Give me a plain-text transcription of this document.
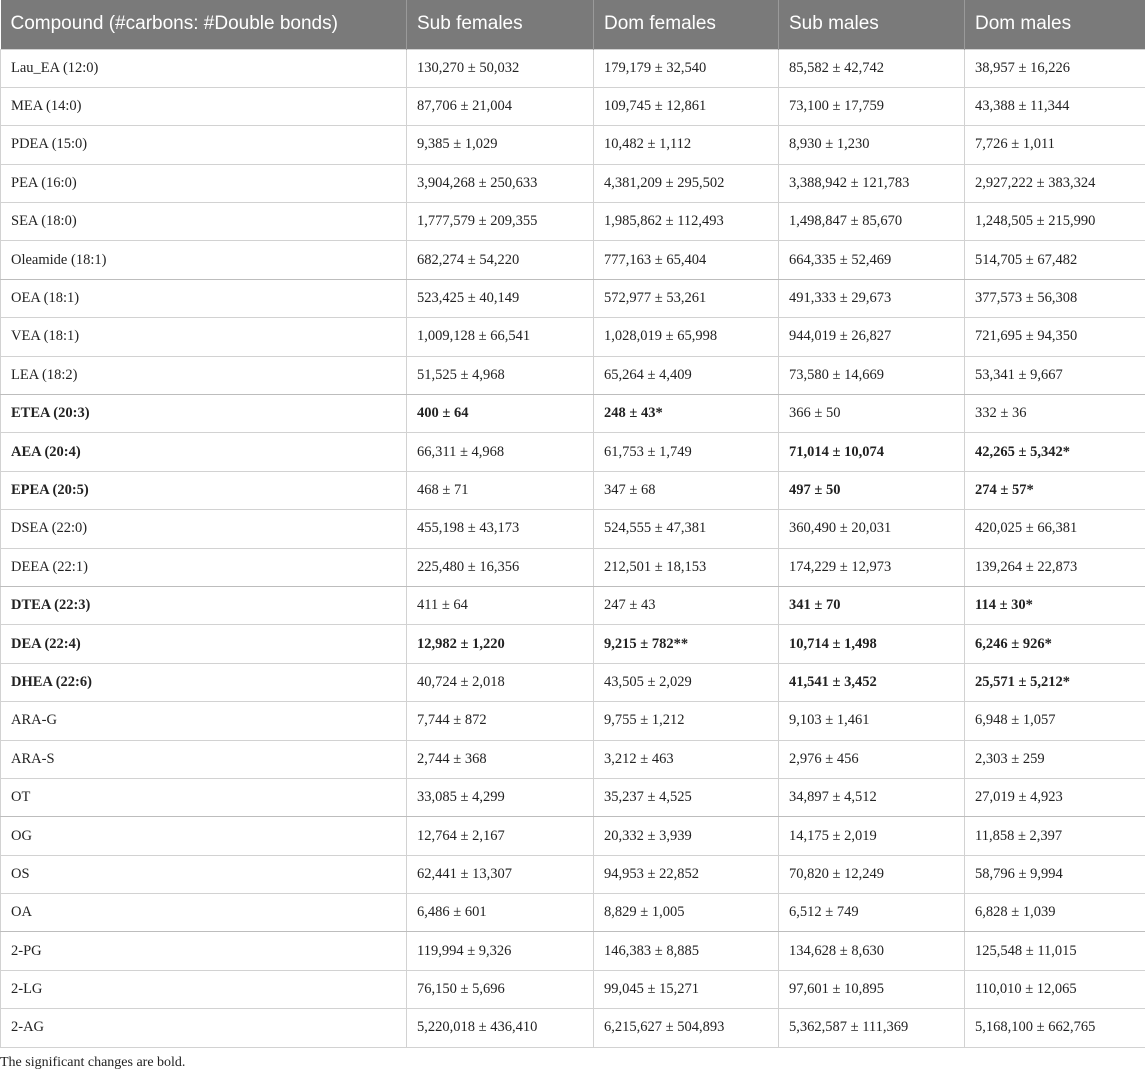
Compound (#carbons: #Double bonds)	Sub females	Dom females	Sub males	Dom males
Lau_EA (12:0)	130,270 ± 50,032	179,179 ± 32,540	85,582 ± 42,742	38,957 ± 16,226
MEA (14:0)	87,706 ± 21,004	109,745 ± 12,861	73,100 ± 17,759	43,388 ± 11,344
PDEA (15:0)	9,385 ± 1,029	10,482 ± 1,112	8,930 ± 1,230	7,726 ± 1,011
PEA (16:0)	3,904,268 ± 250,633	4,381,209 ± 295,502	3,388,942 ± 121,783	2,927,222 ± 383,324
SEA (18:0)	1,777,579 ± 209,355	1,985,862 ± 112,493	1,498,847 ± 85,670	1,248,505 ± 215,990
Oleamide (18:1)	682,274 ± 54,220	777,163 ± 65,404	664,335 ± 52,469	514,705 ± 67,482
OEA (18:1)	523,425 ± 40,149	572,977 ± 53,261	491,333 ± 29,673	377,573 ± 56,308
VEA (18:1)	1,009,128 ± 66,541	1,028,019 ± 65,998	944,019 ± 26,827	721,695 ± 94,350
LEA (18:2)	51,525 ± 4,968	65,264 ± 4,409	73,580 ± 14,669	53,341 ± 9,667
ETEA (20:3)	400 ± 64	248 ± 43*	366 ± 50	332 ± 36
AEA (20:4)	66,311 ± 4,968	61,753 ± 1,749	71,014 ± 10,074	42,265 ± 5,342*
EPEA (20:5)	468 ± 71	347 ± 68	497 ± 50	274 ± 57*
DSEA (22:0)	455,198 ± 43,173	524,555 ± 47,381	360,490 ± 20,031	420,025 ± 66,381
DEEA (22:1)	225,480 ± 16,356	212,501 ± 18,153	174,229 ± 12,973	139,264 ± 22,873
DTEA (22:3)	411 ± 64	247 ± 43	341 ± 70	114 ± 30*
DEA (22:4)	12,982 ± 1,220	9,215 ± 782**	10,714 ± 1,498	6,246 ± 926*
DHEA (22:6)	40,724 ± 2,018	43,505 ± 2,029	41,541 ± 3,452	25,571 ± 5,212*
ARA-G	7,744 ± 872	9,755 ± 1,212	9,103 ± 1,461	6,948 ± 1,057
ARA-S	2,744 ± 368	3,212 ± 463	2,976 ± 456	2,303 ± 259
OT	33,085 ± 4,299	35,237 ± 4,525	34,897 ± 4,512	27,019 ± 4,923
OG	12,764 ± 2,167	20,332 ± 3,939	14,175 ± 2,019	11,858 ± 2,397
OS	62,441 ± 13,307	94,953 ± 22,852	70,820 ± 12,249	58,796 ± 9,994
OA	6,486 ± 601	8,829 ± 1,005	6,512 ± 749	6,828 ± 1,039
2-PG	119,994 ± 9,326	146,383 ± 8,885	134,628 ± 8,630	125,548 ± 11,015
2-LG	76,150 ± 5,696	99,045 ± 15,271	97,601 ± 10,895	110,010 ± 12,065
2-AG	5,220,018 ± 436,410	6,215,627 ± 504,893	5,362,587 ± 111,369	5,168,100 ± 662,765
The significant changes are bold.
